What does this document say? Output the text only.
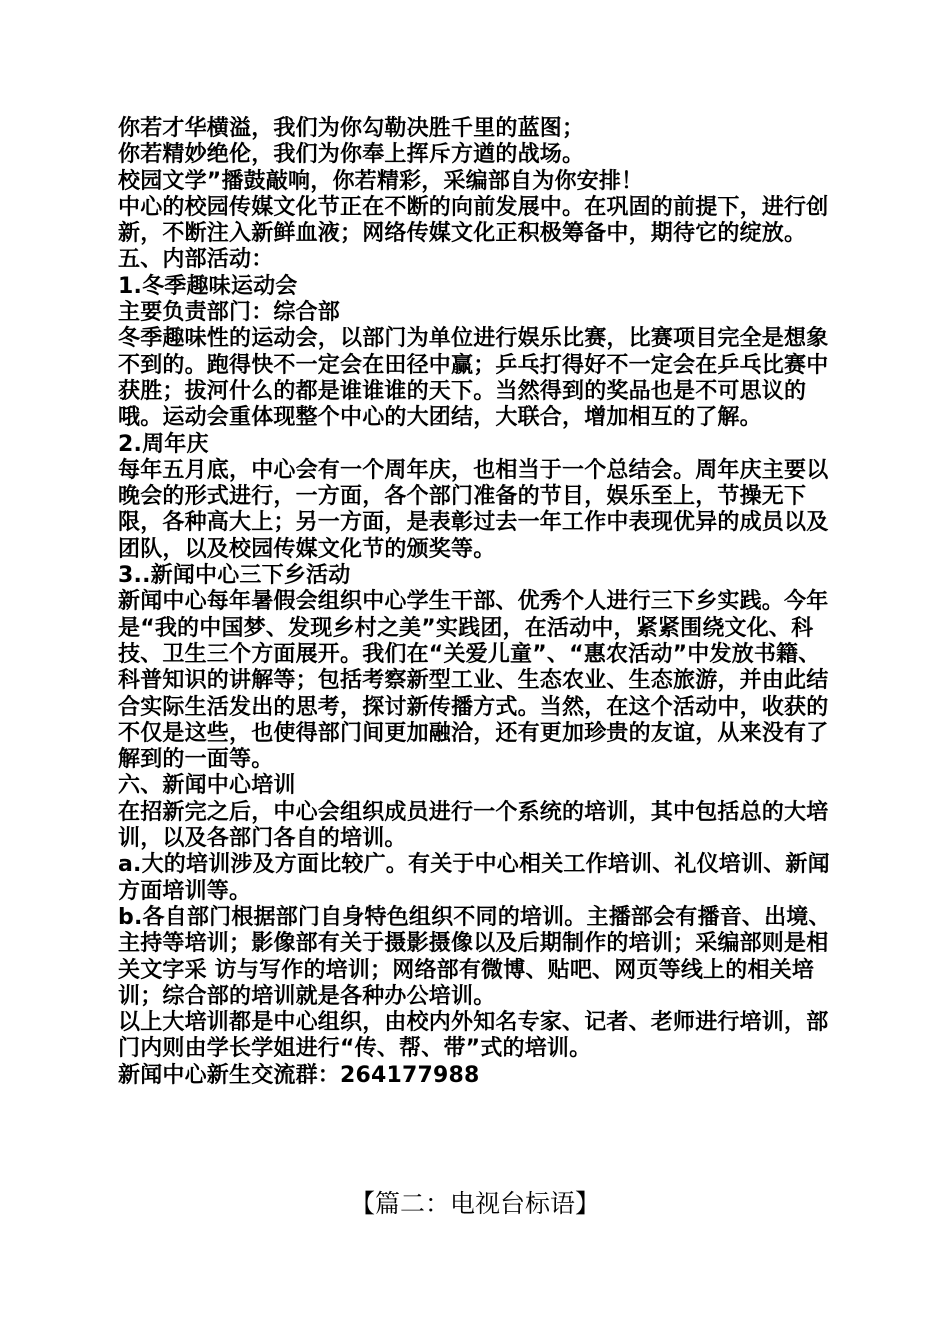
你若才华横溢，我们为你勾勒决胜千里的蓝图；

你若精妙绝伦，我们为你奉上挥斥方遒的战场。

校园文学”播鼓敲响，你若精彩，采编部自为你安排！

中心的校园传媒文化节正在不断的向前发展中。在巩固的前提下，进行创新，不断注入新鲜血液；网络传媒文化正积极筹备中，期待它的绽放。

五、内部活动：

1.冬季趣味运动会

主要负责部门：综合部

冬季趣味性的运动会，以部门为单位进行娱乐比赛，比赛项目完全是想象不到的。跑得快不一定会在田径中赢；乒乓打得好不一定会在乒乓比赛中获胜；拔河什么的都是谁谁谁的天下。当然得到的奖品也是不可思议的哦。运动会重体现整个中心的大团结，大联合，增加相互的了解。

2.周年庆

每年五月底，中心会有一个周年庆，也相当于一个总结会。周年庆主要以晚会的形式进行，一方面，各个部门准备的节目，娱乐至上，节操无下限，各种高大上；另一方面，是表彰过去一年工作中表现优异的成员以及团队，以及校园传媒文化节的颁奖等。

3..新闻中心三下乡活动

新闻中心每年暑假会组织中心学生干部、优秀个人进行三下乡实践。今年是“我的中国梦、发现乡村之美”实践团，在活动中，紧紧围绕文化、科技、卫生三个方面展开。我们在“关爱儿童”、“惠农活动”中发放书籍、科普知识的讲解等；包括考察新型工业、生态农业、生态旅游，并由此结合实际生活发出的思考，探讨新传播方式。当然，在这个活动中，收获的不仅是这些，也使得部门间更加融洽，还有更加珍贵的友谊，从来没有了解到的一面等。

六、新闻中心培训

在招新完之后，中心会组织成员进行一个系统的培训，其中包括总的大培训，以及各部门各自的培训。

a.大的培训涉及方面比较广。有关于中心相关工作培训、礼仪培训、新闻方面培训等。

b.各自部门根据部门自身特色组织不同的培训。主播部会有播音、出境、主持等培训；影像部有关于摄影摄像以及后期制作的培训；采编部则是相关文字采 访与写作的培训；网络部有微博、贴吧、网页等线上的相关培训；综合部的培训就是各种办公培训。

以上大培训都是中心组织，由校内外知名专家、记者、老师进行培训，部门内则由学长学姐进行“传、帮、带”式的培训。

新闻中心新生交流群：264177988

【篇二：电视台标语】
